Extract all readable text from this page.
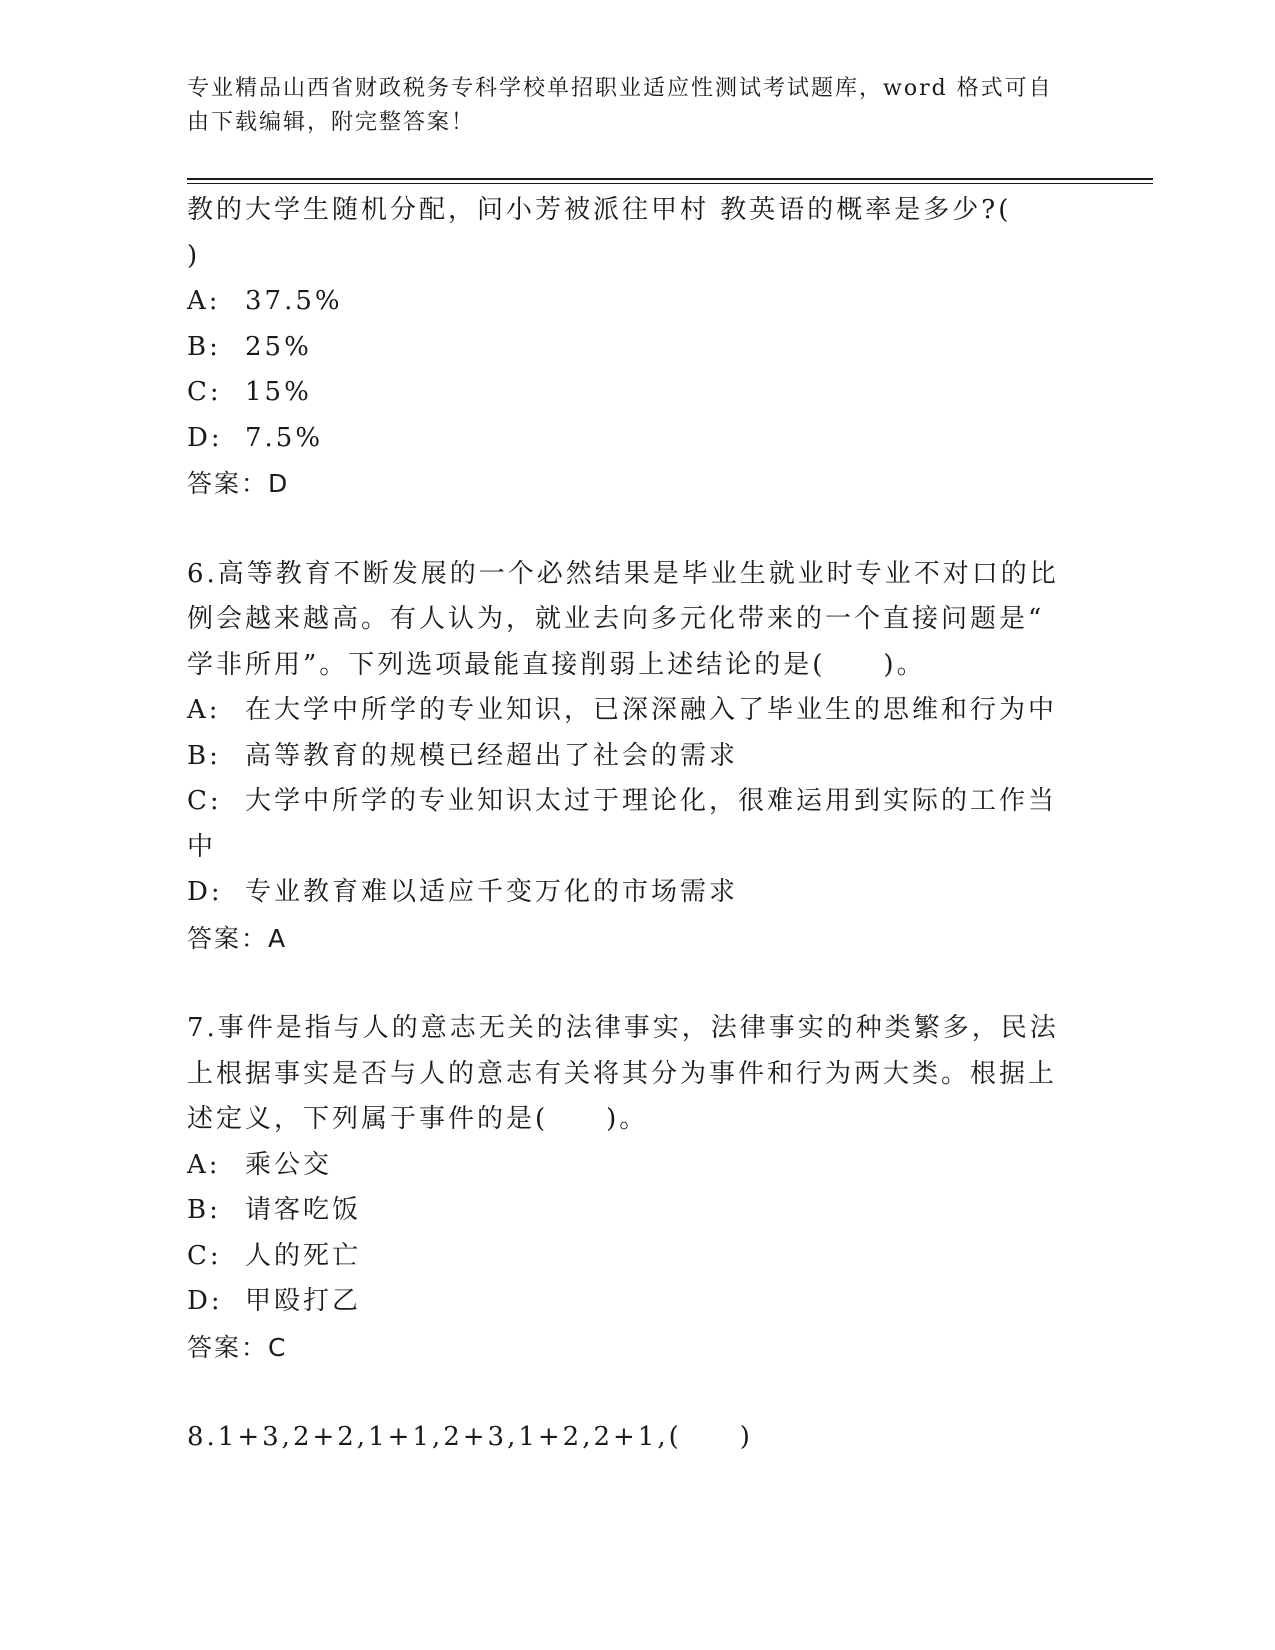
专业精品山西省财政税务专科学校单招职业适应性测试考试题库，word 格式可自由下载编辑，附完整答案！
教的大学生随机分配，问小芳被派往甲村 教英语的概率是多少?(
)
A: 37.5%
B: 25%
C: 15%
D: 7.5%
答案：D
6.高等教育不断发展的一个必然结果是毕业生就业时专业不对口的比
例会越来越高。有人认为，就业去向多元化带来的一个直接问题是“
学非所用”。下列选项最能直接削弱上述结论的是(　　)。
A: 在大学中所学的专业知识，已深深融入了毕业生的思维和行为中
B: 高等教育的规模已经超出了社会的需求
C: 大学中所学的专业知识太过于理论化，很难运用到实际的工作当
中
D: 专业教育难以适应千变万化的市场需求
答案：A
7.事件是指与人的意志无关的法律事实，法律事实的种类繁多，民法
上根据事实是否与人的意志有关将其分为事件和行为两大类。根据上
述定义，下列属于事件的是(　　)。
A: 乘公交
B: 请客吃饭
C: 人的死亡
D: 甲殴打乙
答案：C
8.1+3,2+2,1+1,2+3,1+2,2+1,(　　)
